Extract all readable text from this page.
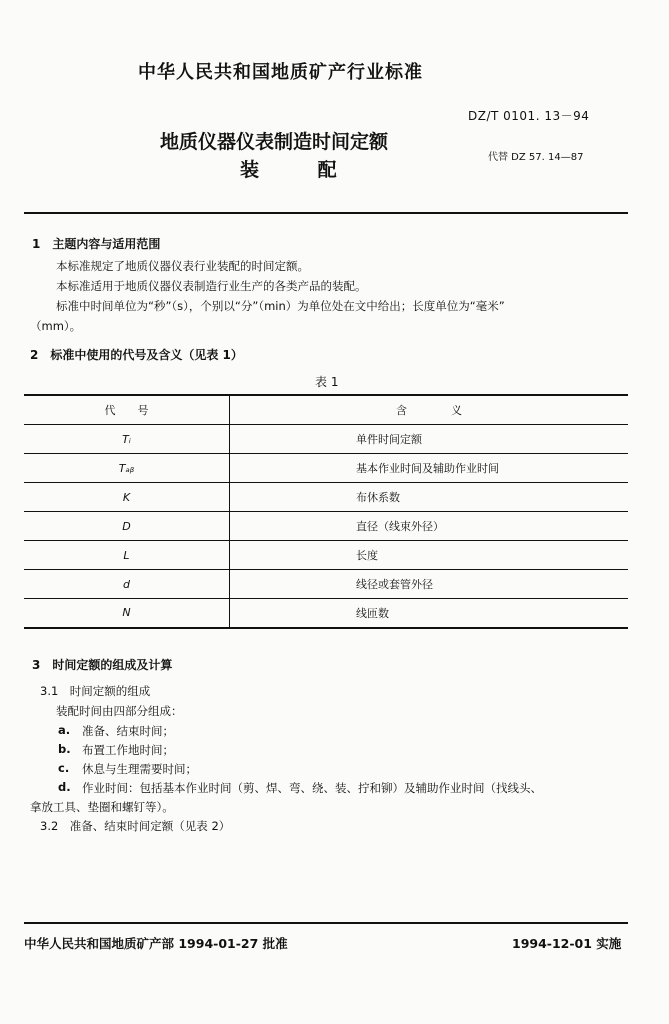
中华人民共和国地质矿产行业标准
DZ/T 0101. 13－94
地质仪器仪表制造时间定额
装 配
代替 DZ 57. 14—87
1　主题内容与适用范围
本标准规定了地质仪器仪表行业装配的时间定额。
本标准适用于地质仪器仪表制造行业生产的各类产品的装配。
标准中时间单位为“秒”（s），个别以“分”（min）为单位处在文中给出；长度单位为“毫米”
（mm）。
2　标准中使用的代号及含义（见表 1）
表 1
代　　号	含　　　　义
Tᵢ	单件时间定额
Tₐᵦ	基本作业时间及辅助作业时间
K	布休系数
D	直径（线束外径）
L	长度
d	线径或套管外径
N	线匝数
3　时间定额的组成及计算
3.1　时间定额的组成
装配时间由四部分组成：
a. 准备、结束时间；
b. 布置工作地时间；
c. 休息与生理需要时间；
d. 作业时间：包括基本作业时间（剪、焊、弯、绕、装、拧和铆）及辅助作业时间（找线头、
拿放工具、垫圈和螺钉等）。
3.2　准备、结束时间定额（见表 2）
中华人民共和国地质矿产部 1994-01-27 批准	1994-12-01 实施
